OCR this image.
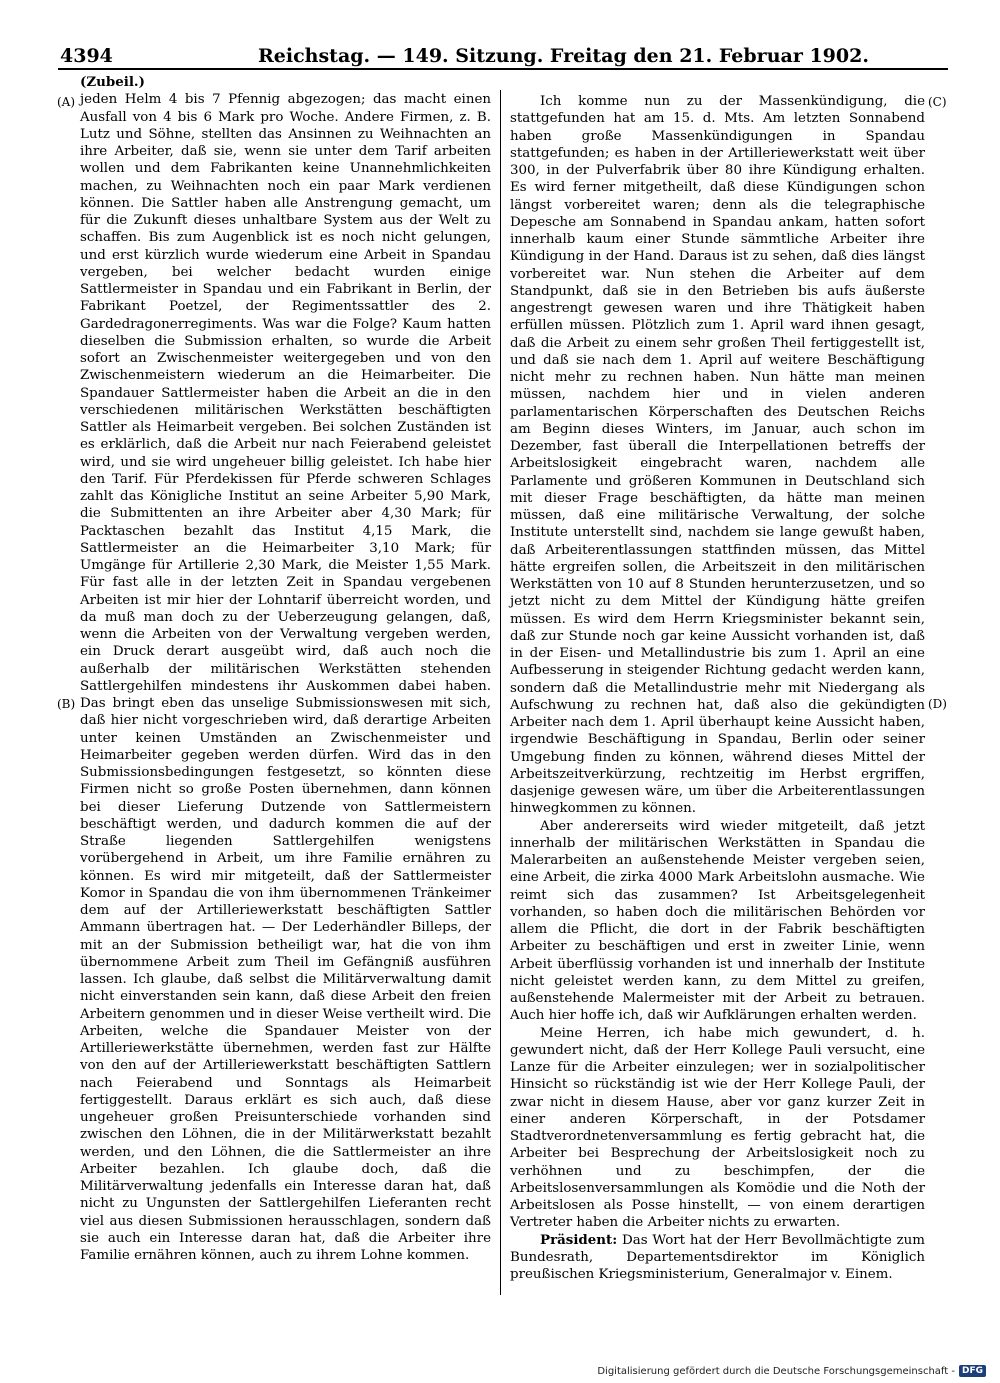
4394	Reichstag. — 149. Sitzung. Freitag den 21. Februar 1902.
(A)
(B)
(C)
(D)

(Zubeil.)

jeden Helm 4 bis 7 Pfennig abgezogen; das macht einen Ausfall von 4 bis 6 Mark pro Woche. Andere Firmen, z. B. Lutz und Söhne, stellten das Ansinnen zu Weihnachten an ihre Arbeiter, daß sie, wenn sie unter dem Tarif arbeiten wollen und dem Fabrikanten keine Unannehmlichkeiten machen, zu Weihnachten noch ein paar Mark verdienen können. Die Sattler haben alle Anstrengung gemacht, um für die Zukunft dieses unhaltbare System aus der Welt zu schaffen. Bis zum Augenblick ist es noch nicht gelungen, und erst kürzlich wurde wiederum eine Arbeit in Spandau vergeben, bei welcher bedacht wurden einige Sattlermeister in Spandau und ein Fabrikant in Berlin, der Fabrikant Poetzel, der Regimentssattler des 2. Gardedragonerregiments. Was war die Folge? Kaum hatten dieselben die Submission erhalten, so wurde die Arbeit sofort an Zwischenmeister weitergegeben und von den Zwischenmeistern wiederum an die Heimarbeiter. Die Spandauer Sattlermeister haben die Arbeit an die in den verschiedenen militärischen Werkstätten beschäftigten Sattler als Heimarbeit vergeben. Bei solchen Zuständen ist es erklärlich, daß die Arbeit nur nach Feierabend geleistet wird, und sie wird ungeheuer billig geleistet. Ich habe hier den Tarif. Für Pferdekissen für Pferde schweren Schlages zahlt das Königliche Institut an seine Arbeiter 5,90 Mark, die Submittenten an ihre Arbeiter aber 4,30 Mark; für Packtaschen bezahlt das Institut 4,15 Mark, die Sattlermeister an die Heimarbeiter 3,10 Mark; für Umgänge für Artillerie 2,30 Mark, die Meister 1,55 Mark. Für fast alle in der letzten Zeit in Spandau vergebenen Arbeiten ist mir hier der Lohntarif überreicht worden, und da muß man doch zu der Ueberzeugung gelangen, daß, wenn die Arbeiten von der Verwaltung vergeben werden, ein Druck derart ausgeübt wird, daß auch noch die außerhalb der militärischen Werkstätten stehenden Sattlergehilfen mindestens ihr Auskommen dabei haben. Das bringt eben das unselige Submissionswesen mit sich, daß hier nicht vorgeschrieben wird, daß derartige Arbeiten unter keinen Umständen an Zwischenmeister und Heimarbeiter gegeben werden dürfen. Wird das in den Submissionsbedingungen festgesetzt, so könnten diese Firmen nicht so große Posten übernehmen, dann können bei dieser Lieferung Dutzende von Sattlermeistern beschäftigt werden, und dadurch kommen die auf der Straße liegenden Sattlergehilfen wenigstens vorübergehend in Arbeit, um ihre Familie ernähren zu können. Es wird mir mitgeteilt, daß der Sattlermeister Komor in Spandau die von ihm übernommenen Tränkeimer dem auf der Artilleriewerkstatt beschäftigten Sattler Ammann übertragen hat. — Der Lederhändler Billeps, der mit an der Submission betheiligt war, hat die von ihm übernommene Arbeit zum Theil im Gefängniß ausführen lassen. Ich glaube, daß selbst die Militärverwaltung damit nicht einverstanden sein kann, daß diese Arbeit den freien Arbeitern genommen und in dieser Weise vertheilt wird. Die Arbeiten, welche die Spandauer Meister von der Artilleriewerkstätte übernehmen, werden fast zur Hälfte von den auf der Artilleriewerkstatt beschäftigten Sattlern nach Feierabend und Sonntags als Heimarbeit fertiggestellt. Daraus erklärt es sich auch, daß diese ungeheuer großen Preisunterschiede vorhanden sind zwischen den Löhnen, die in der Militärwerkstatt bezahlt werden, und den Löhnen, die die Sattlermeister an ihre Arbeiter bezahlen. Ich glaube doch, daß die Militärverwaltung jedenfalls ein Interesse daran hat, daß nicht zu Ungunsten der Sattlergehilfen Lieferanten recht viel aus diesen Submissionen herausschlagen, sondern daß sie auch ein Interesse daran hat, daß die Arbeiter ihre Familie ernähren können, auch zu ihrem Lohne kommen.

Ich komme nun zu der Massenkündigung, die stattgefunden hat am 15. d. Mts. Am letzten Sonnabend haben große Massenkündigungen in Spandau stattgefunden; es haben in der Artilleriewerkstatt weit über 300, in der Pulverfabrik über 80 ihre Kündigung erhalten. Es wird ferner mitgetheilt, daß diese Kündigungen schon längst vorbereitet waren; denn als die telegraphische Depesche am Sonnabend in Spandau ankam, hatten sofort innerhalb kaum einer Stunde sämmtliche Arbeiter ihre Kündigung in der Hand. Daraus ist zu sehen, daß dies längst vorbereitet war. Nun stehen die Arbeiter auf dem Standpunkt, daß sie in den Betrieben bis aufs äußerste angestrengt gewesen waren und ihre Thätigkeit haben erfüllen müssen. Plötzlich zum 1. April ward ihnen gesagt, daß die Arbeit zu einem sehr großen Theil fertiggestellt ist, und daß sie nach dem 1. April auf weitere Beschäftigung nicht mehr zu rechnen haben. Nun hätte man meinen müssen, nachdem hier und in vielen anderen parlamentarischen Körperschaften des Deutschen Reichs am Beginn dieses Winters, im Januar, auch schon im Dezember, fast überall die Interpellationen betreffs der Arbeitslosigkeit eingebracht waren, nachdem alle Parlamente und größeren Kommunen in Deutschland sich mit dieser Frage beschäftigten, da hätte man meinen müssen, daß eine militärische Verwaltung, der solche Institute unterstellt sind, nachdem sie lange gewußt haben, daß Arbeiterentlassungen stattfinden müssen, das Mittel hätte ergreifen sollen, die Arbeitszeit in den militärischen Werkstätten von 10 auf 8 Stunden herunterzusetzen, und so jetzt nicht zu dem Mittel der Kündigung hätte greifen müssen. Es wird dem Herrn Kriegsminister bekannt sein, daß zur Stunde noch gar keine Aussicht vorhanden ist, daß in der Eisen- und Metallindustrie bis zum 1. April an eine Aufbesserung in steigender Richtung gedacht werden kann, sondern daß die Metallindustrie mehr mit Niedergang als Aufschwung zu rechnen hat, daß also die gekündigten Arbeiter nach dem 1. April überhaupt keine Aussicht haben, irgendwie Beschäftigung in Spandau, Berlin oder seiner Umgebung finden zu können, während dieses Mittel der Arbeitszeitverkürzung, rechtzeitig im Herbst ergriffen, dasjenige gewesen wäre, um über die Arbeiterentlassungen hinwegkommen zu können.

Aber andererseits wird wieder mitgeteilt, daß jetzt innerhalb der militärischen Werkstätten in Spandau die Malerarbeiten an außenstehende Meister vergeben seien, eine Arbeit, die zirka 4000 Mark Arbeitslohn ausmache. Wie reimt sich das zusammen? Ist Arbeitsgelegenheit vorhanden, so haben doch die militärischen Behörden vor allem die Pflicht, die dort in der Fabrik beschäftigten Arbeiter zu beschäftigen und erst in zweiter Linie, wenn Arbeit überflüssig vorhanden ist und innerhalb der Institute nicht geleistet werden kann, zu dem Mittel zu greifen, außenstehende Malermeister mit der Arbeit zu betrauen. Auch hier hoffe ich, daß wir Aufklärungen erhalten werden.

Meine Herren, ich habe mich gewundert, d. h. gewundert nicht, daß der Herr Kollege Pauli versucht, eine Lanze für die Arbeiter einzulegen; wer in sozialpolitischer Hinsicht so rückständig ist wie der Herr Kollege Pauli, der zwar nicht in diesem Hause, aber vor ganz kurzer Zeit in einer anderen Körperschaft, in der Potsdamer Stadtverordnetenversammlung es fertig gebracht hat, die Arbeiter bei Besprechung der Arbeitslosigkeit noch zu verhöhnen und zu beschimpfen, der die Arbeitslosenversammlungen als Komödie und die Noth der Arbeitslosen als Posse hinstellt, — von einem derartigen Vertreter haben die Arbeiter nichts zu erwarten.

Präsident: Das Wort hat der Herr Bevollmächtigte zum Bundesrath, Departementsdirektor im Königlich preußischen Kriegsministerium, Generalmajor v. Einem.

Digitalisierung gefördert durch die Deutsche Forschungsgemeinschaft - DFG
